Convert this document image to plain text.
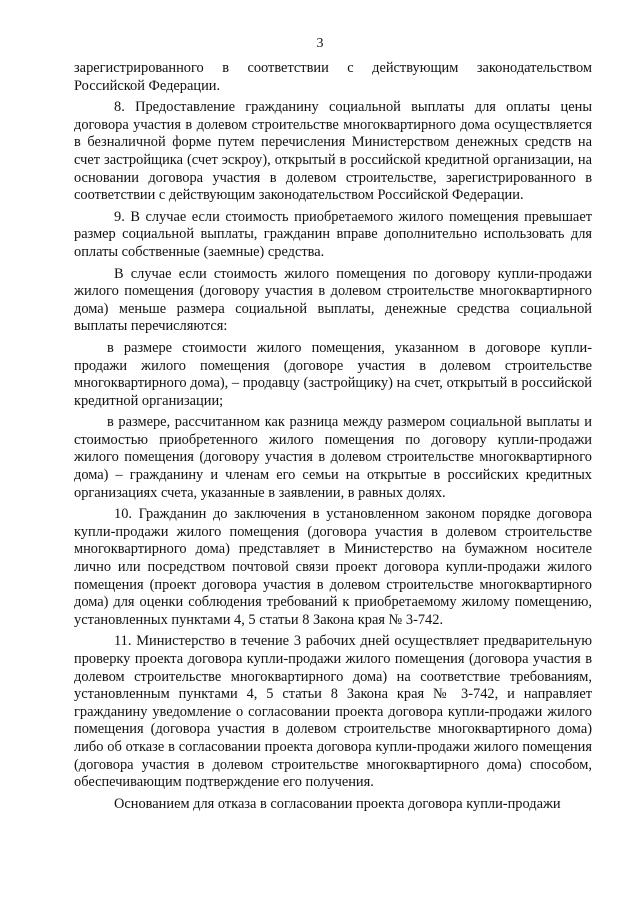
3

зарегистрированного в соответствии с действующим законодательством Российской Федерации.

8. Предоставление гражданину социальной выплаты для оплаты цены договора участия в долевом строительстве многоквартирного дома осуществляется в безналичной форме путем перечисления Министерством денежных средств на счет застройщика (счет эскроу), открытый в российской кредитной организации, на основании договора участия в долевом строительстве, зарегистрированного в соответствии с действующим законодательством Российской Федерации.

9. В случае если стоимость приобретаемого жилого помещения превышает размер социальной выплаты, гражданин вправе дополнительно использовать для оплаты собственные (заемные) средства.

В случае если стоимость жилого помещения по договору купли-продажи жилого помещения (договору участия в долевом строительстве многоквартирного дома) меньше размера социальной выплаты, денежные средства социальной выплаты перечисляются:

в размере стоимости жилого помещения, указанном в договоре купли-продажи жилого помещения (договоре участия в долевом строительстве многоквартирного дома), – продавцу (застройщику) на счет, открытый в российской кредитной организации;

в размере, рассчитанном как разница между размером социальной выплаты и стоимостью приобретенного жилого помещения по договору купли-продажи жилого помещения (договору участия в долевом строительстве многоквартирного дома) – гражданину и членам его семьи на открытые в российских кредитных организациях счета, указанные в заявлении, в равных долях.

10. Гражданин до заключения в установленном законом порядке договора купли-продажи жилого помещения (договора участия в долевом строительстве многоквартирного дома) представляет в Министерство на бумажном носителе лично или посредством почтовой связи проект договора купли-продажи жилого помещения (проект договора участия в долевом строительстве многоквартирного дома) для оценки соблюдения требований к приобретаемому жилому помещению, установленных пунктами 4, 5 статьи 8 Закона края № 3-742.

11. Министерство в течение 3 рабочих дней осуществляет предварительную проверку проекта договора купли-продажи жилого помещения (договора участия в долевом строительстве многоквартирного дома) на соответствие требованиям, установленным пунктами 4, 5 статьи 8 Закона края № 3-742, и направляет гражданину уведомление о согласовании проекта договора купли-продажи жилого помещения (договора участия в долевом строительстве многоквартирного дома) либо об отказе в согласовании проекта договора купли-продажи жилого помещения (договора участия в долевом строительстве многоквартирного дома) способом, обеспечивающим подтверждение его получения.

Основанием для отказа в согласовании проекта договора купли-продажи
